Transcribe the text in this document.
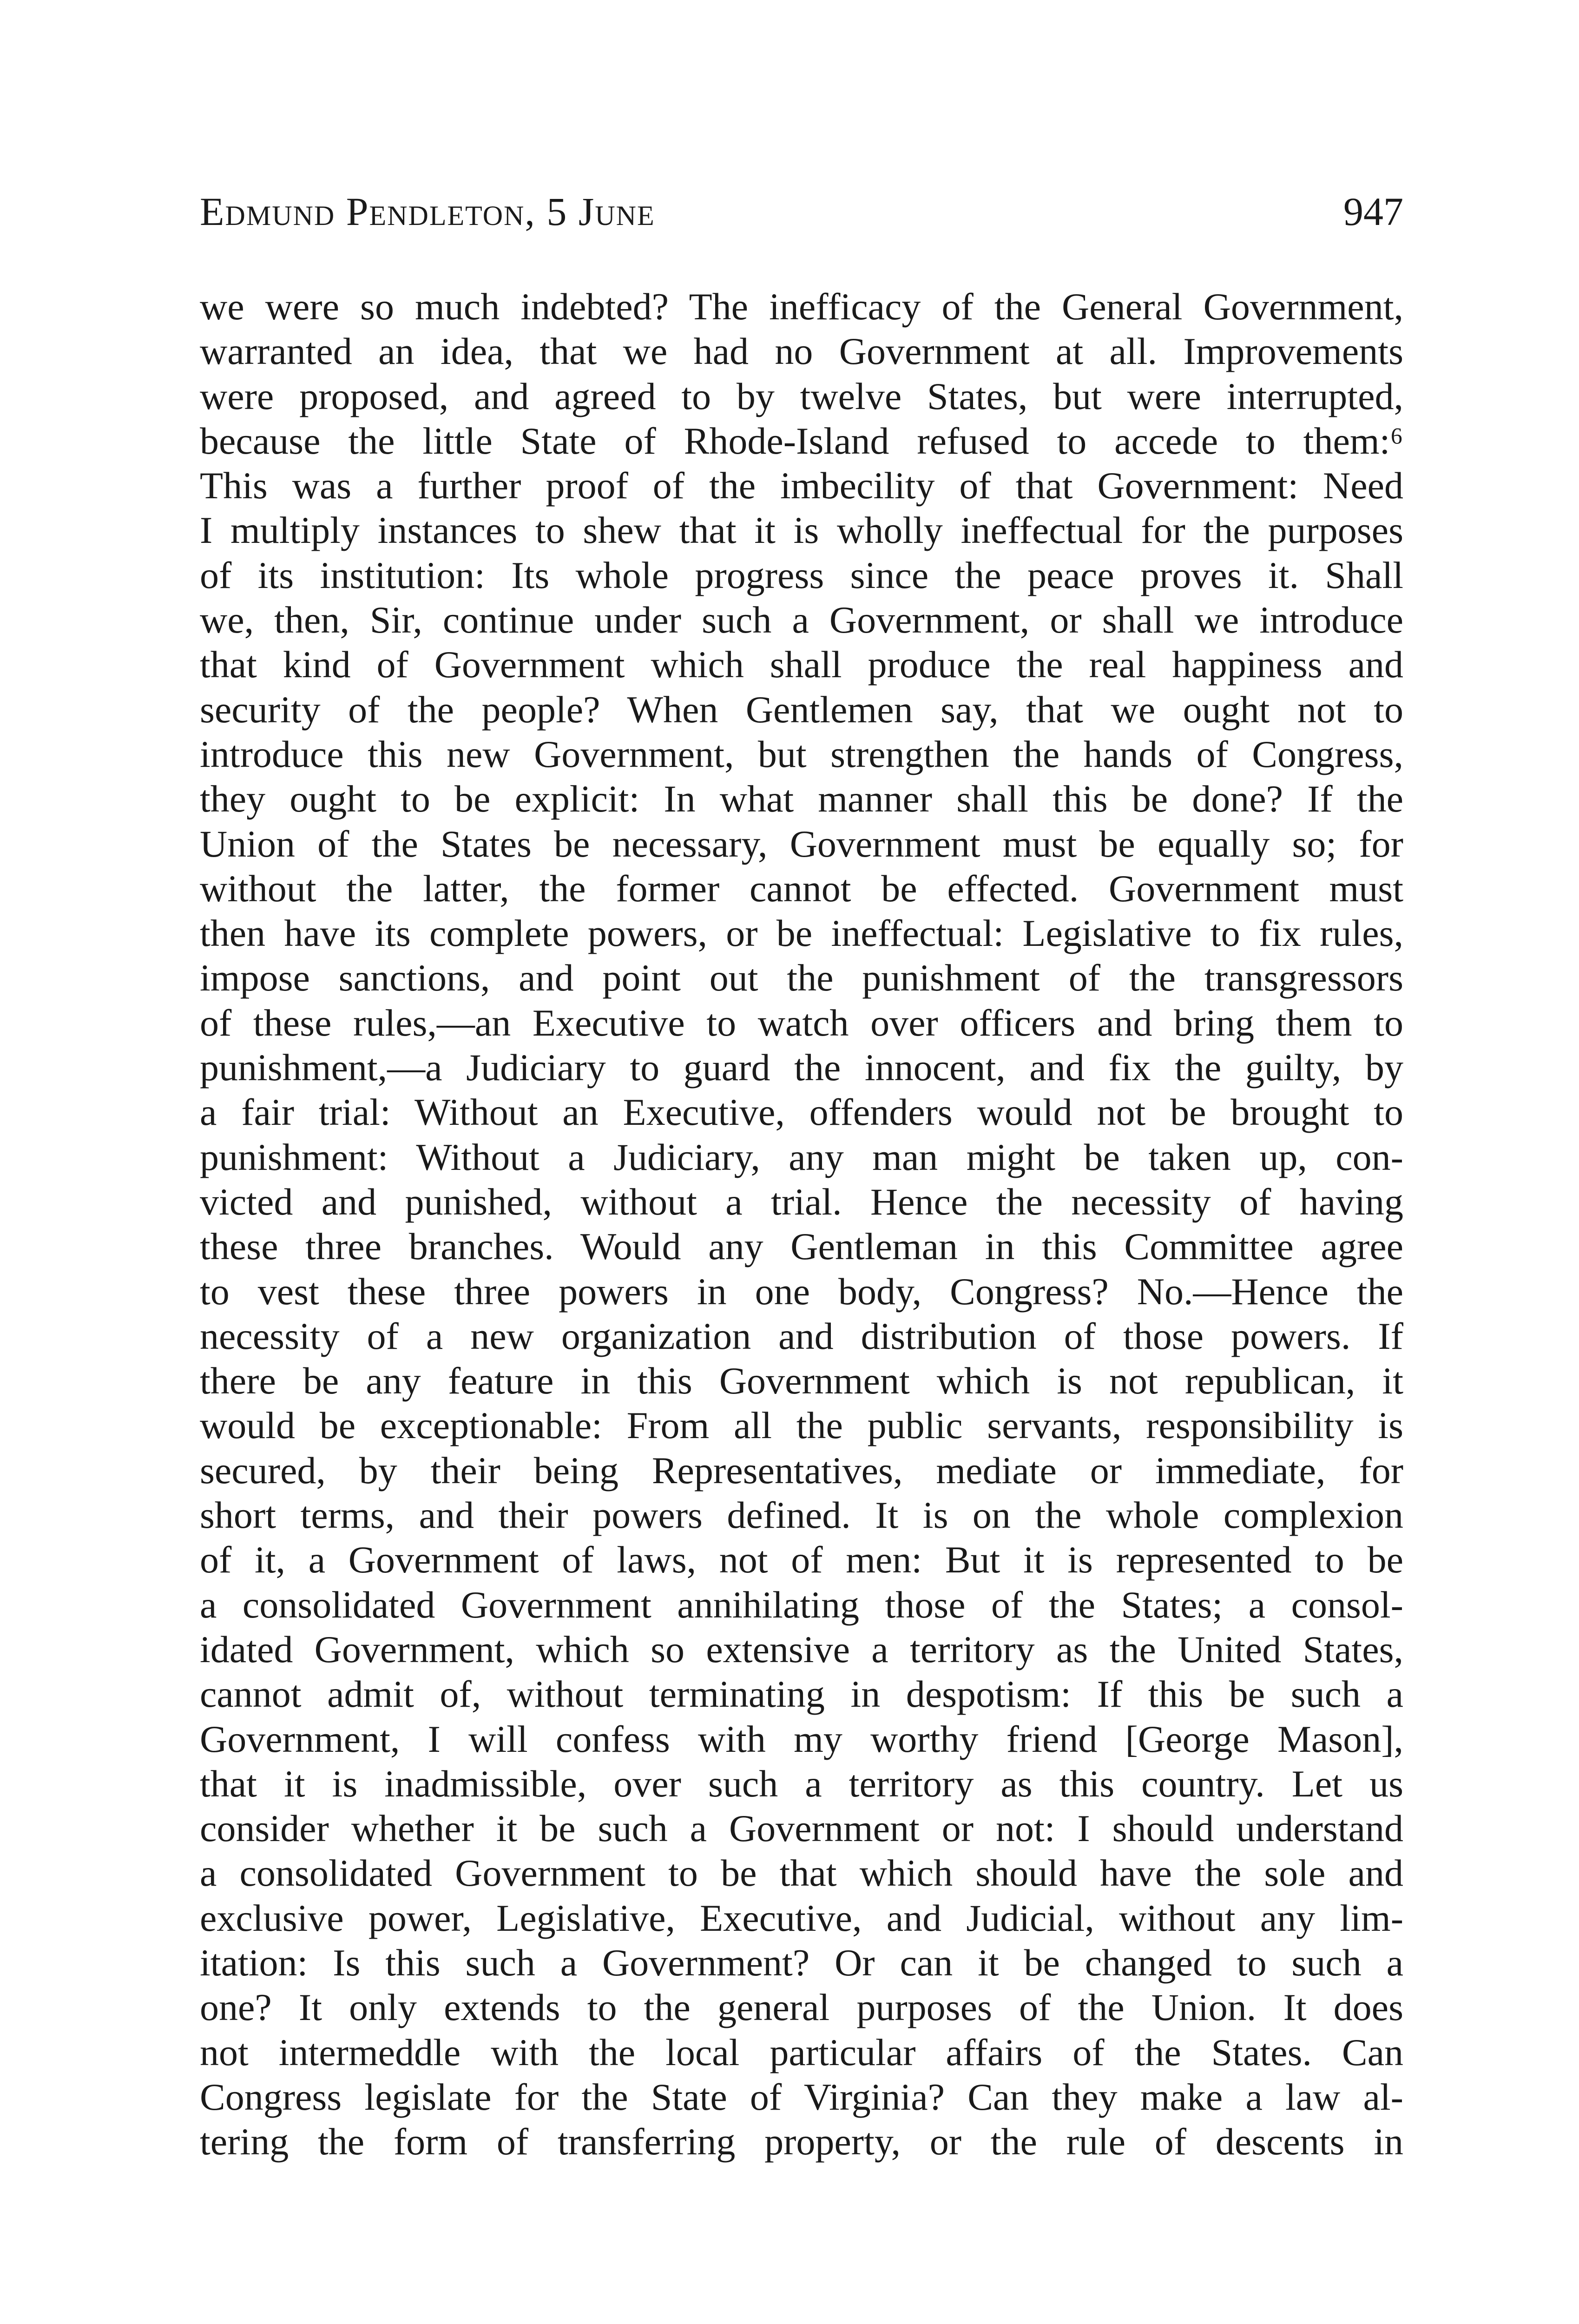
Edmund Pendleton, 5 June	947
we were so much indebted? The inefficacy of the General Government,
warranted an idea, that we had no Government at all. Improvements
were proposed, and agreed to by twelve States, but were interrupted,
because the little State of Rhode-Island refused to accede to them:⁶
This was a further proof of the imbecility of that Government: Need
I multiply instances to shew that it is wholly ineffectual for the purposes
of its institution: Its whole progress since the peace proves it. Shall
we, then, Sir, continue under such a Government, or shall we introduce
that kind of Government which shall produce the real happiness and
security of the people? When Gentlemen say, that we ought not to
introduce this new Government, but strengthen the hands of Congress,
they ought to be explicit: In what manner shall this be done? If the
Union of the States be necessary, Government must be equally so; for
without the latter, the former cannot be effected. Government must
then have its complete powers, or be ineffectual: Legislative to fix rules,
impose sanctions, and point out the punishment of the transgressors
of these rules,—an Executive to watch over officers and bring them to
punishment,—a Judiciary to guard the innocent, and fix the guilty, by
a fair trial: Without an Executive, offenders would not be brought to
punishment: Without a Judiciary, any man might be taken up, con-
victed and punished, without a trial. Hence the necessity of having
these three branches. Would any Gentleman in this Committee agree
to vest these three powers in one body, Congress? No.—Hence the
necessity of a new organization and distribution of those powers. If
there be any feature in this Government which is not republican, it
would be exceptionable: From all the public servants, responsibility is
secured, by their being Representatives, mediate or immediate, for
short terms, and their powers defined. It is on the whole complexion
of it, a Government of laws, not of men: But it is represented to be
a consolidated Government annihilating those of the States; a consol-
idated Government, which so extensive a territory as the United States,
cannot admit of, without terminating in despotism: If this be such a
Government, I will confess with my worthy friend [George Mason],
that it is inadmissible, over such a territory as this country. Let us
consider whether it be such a Government or not: I should understand
a consolidated Government to be that which should have the sole and
exclusive power, Legislative, Executive, and Judicial, without any lim-
itation: Is this such a Government? Or can it be changed to such a
one? It only extends to the general purposes of the Union. It does
not intermeddle with the local particular affairs of the States. Can
Congress legislate for the State of Virginia? Can they make a law al-
tering the form of transferring property, or the rule of descents in
